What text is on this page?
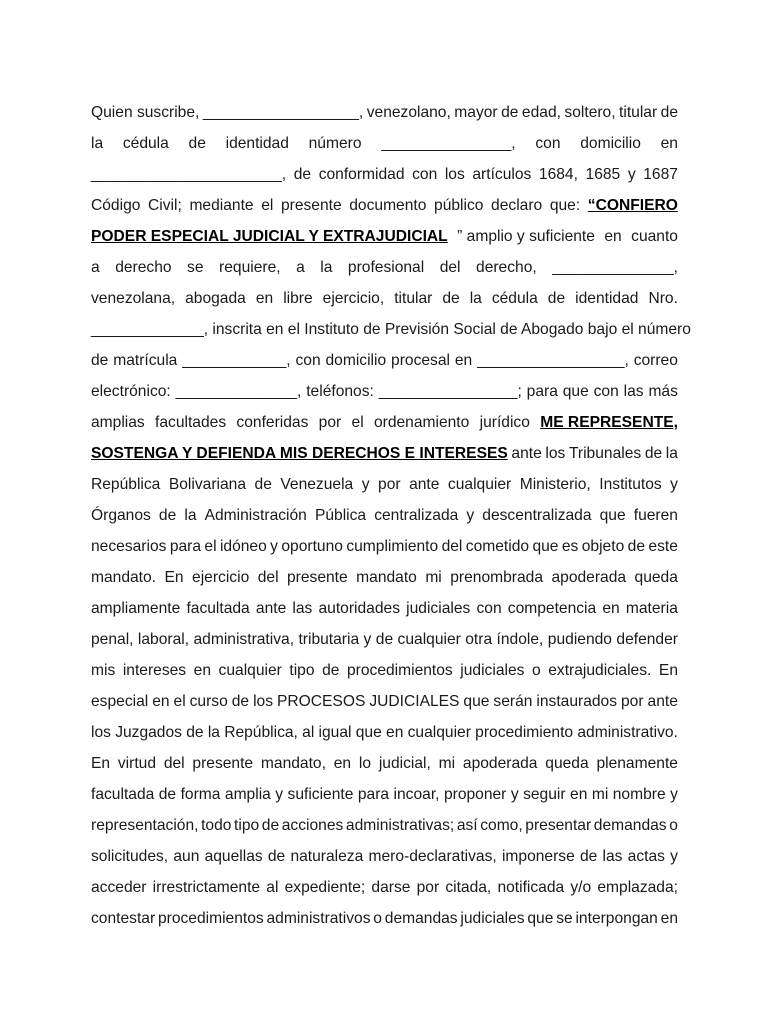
Quien suscribe, __________________, venezolano, mayor de edad, soltero, titular de
la cédula de identidad número _______________, con domicilio en
______________________, de conformidad con los artículos 1684, 1685 y 1687
Código Civil; mediante el presente documento público declaro que: “CONFIERO
PODER ESPECIAL JUDICIAL Y EXTRAJUDICIAL ” amplio y suficiente en cuanto
a derecho se requiere, a la profesional del derecho, ______________,
venezolana, abogada en libre ejercicio, titular de la cédula de identidad Nro.
_____________, inscrita en el Instituto de Previsión Social de Abogado bajo el número
de matrícula ____________, con domicilio procesal en _________________, correo
electrónico: ______________, teléfonos: ________________; para que con las más
amplias facultades conferidas por el ordenamiento jurídico ME REPRESENTE,
SOSTENGA Y DEFIENDA MIS DERECHOS E INTERESES ante los Tribunales de la
República Bolivariana de Venezuela y por ante cualquier Ministerio, Institutos y
Órganos de la Administración Pública centralizada y descentralizada que fueren
necesarios para el idóneo y oportuno cumplimiento del cometido que es objeto de este
mandato. En ejercicio del presente mandato mi prenombrada apoderada queda
ampliamente facultada ante las autoridades judiciales con competencia en materia
penal, laboral, administrativa, tributaria y de cualquier otra índole, pudiendo defender
mis intereses en cualquier tipo de procedimientos judiciales o extrajudiciales. En
especial en el curso de los PROCESOS JUDICIALES que serán instaurados por ante
los Juzgados de la República, al igual que en cualquier procedimiento administrativo.
En virtud del presente mandato, en lo judicial, mi apoderada queda plenamente
facultada de forma amplia y suficiente para incoar, proponer y seguir en mi nombre y
representación, todo tipo de acciones administrativas; así como, presentar demandas o
solicitudes, aun aquellas de naturaleza mero-declarativas, imponerse de las actas y
acceder irrestrictamente al expediente; darse por citada, notificada y/o emplazada;
contestar procedimientos administrativos o demandas judiciales que se interpongan en
